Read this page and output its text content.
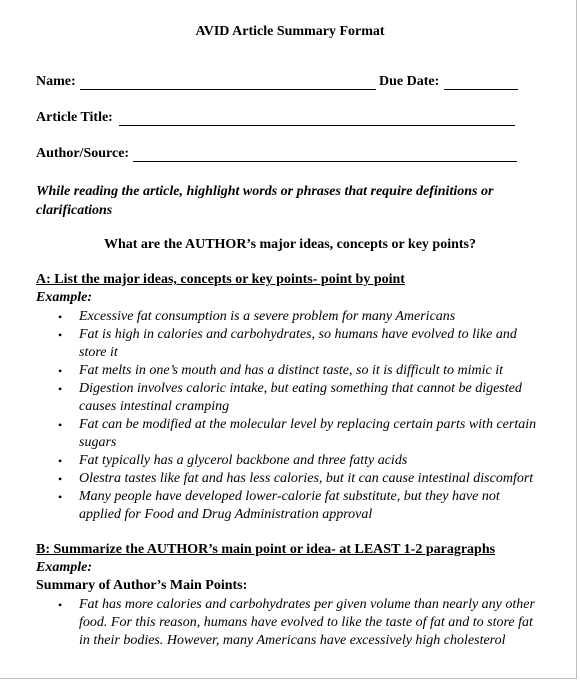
AVID Article Summary Format
Name:	Due Date:
Article Title:
Author/Source:
While reading the article, highlight words or phrases that require definitions or clarifications
What are the AUTHOR’s major ideas, concepts or key points?
A: List the major ideas, concepts or key points- point by point
Example:
• Excessive fat consumption is a severe problem for many Americans
• Fat is high in calories and carbohydrates, so humans have evolved to like and
store it
• Fat melts in one’s mouth and has a distinct taste, so it is difficult to mimic it
• Digestion involves caloric intake, but eating something that cannot be digested
causes intestinal cramping
• Fat can be modified at the molecular level by replacing certain parts with certain
sugars
• Fat typically has a glycerol backbone and three fatty acids
• Olestra tastes like fat and has less calories, but it can cause intestinal discomfort
• Many people have developed lower-calorie fat substitute, but they have not
applied for Food and Drug Administration approval
B: Summarize the AUTHOR’s main point or idea- at LEAST 1-2 paragraphs
Example:
Summary of Author’s Main Points:
• Fat has more calories and carbohydrates per given volume than nearly any other
food. For this reason, humans have evolved to like the taste of fat and to store fat
in their bodies. However, many Americans have excessively high cholesterol
